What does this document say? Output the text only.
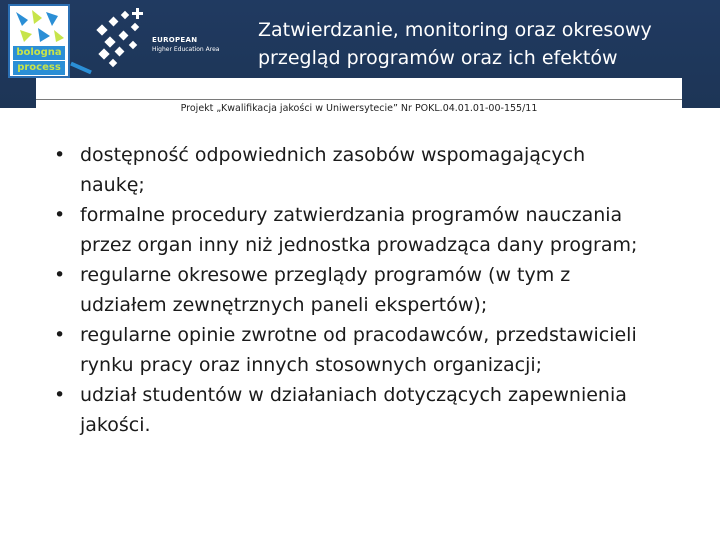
bologna
process
EUROPEAN
Higher Education Area
Zatwierdzanie, monitoring oraz okresowy
przegląd programów oraz ich efektów
Projekt „Kwalifikacja jakości w Uniwersytecie” Nr POKL.04.01.01-00-155/11
• dostępność odpowiednich zasobów wspomagających
naukę;
• formalne procedury zatwierdzania programów nauczania
przez organ inny niż jednostka prowadząca dany program;
• regularne okresowe przeglądy programów (w tym z
udziałem zewnętrznych paneli ekspertów);
• regularne opinie zwrotne od pracodawców, przedstawicieli
rynku pracy oraz innych stosownych organizacji;
• udział studentów w działaniach dotyczących zapewnienia
jakości.
